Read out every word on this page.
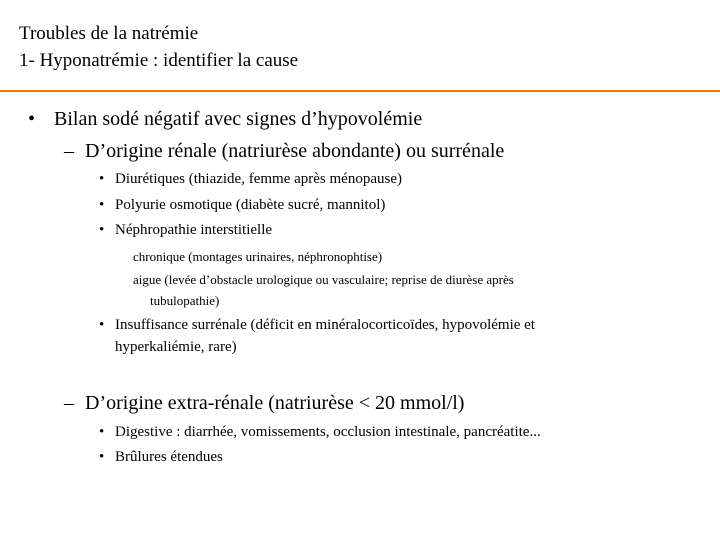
Troubles de la natrémie
1- Hyponatrémie : identifier la cause
• Bilan sodé négatif avec signes d’hypovolémie
– D’origine rénale (natriurèse abondante) ou surrénale
• Diurétiques (thiazide, femme après ménopause)
• Polyurie osmotique (diabète sucré, mannitol)
• Néphropathie interstitielle
chronique (montages urinaires, néphronophtise)
aigue (levée d’obstacle urologique ou vasculaire; reprise de diurèse après
tubulopathie)
• Insuffisance surrénale (déficit en minéralocorticoïdes, hypovolémie et
hyperkaliémie, rare)
– D’origine extra-rénale (natriurèse < 20 mmol/l)
• Digestive : diarrhée, vomissements, occlusion intestinale, pancréatite...
• Brûlures étendues
